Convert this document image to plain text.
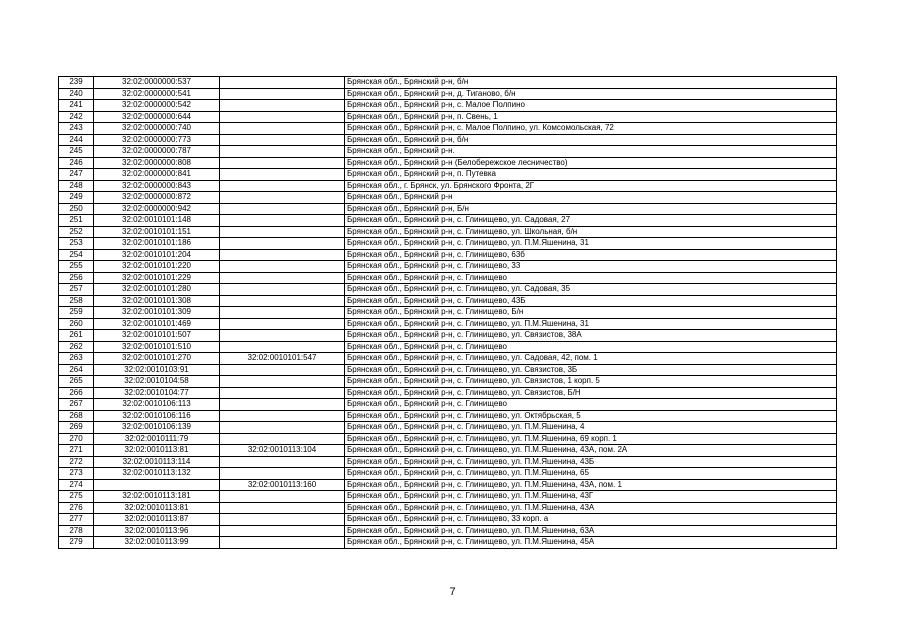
239	32:02:0000000:537		Брянская обл., Брянский р-н, б/н
240	32:02:0000000:541		Брянская обл., Брянский р-н, д. Тиганово, б/н
241	32:02:0000000:542		Брянская обл., Брянский р-н, с. Малое Полпино
242	32:02:0000000:644		Брянская обл., Брянский р-н, п. Свень, 1
243	32:02:0000000:740		Брянская обл., Брянский р-н, с. Малое Полпино, ул. Комсомольская, 72
244	32:02:0000000:773		Брянская обл., Брянский р-н, б/н
245	32:02:0000000:787		Брянская обл., Брянский р-н.
246	32:02:0000000:808		Брянская обл., Брянский р-н (Белобережское лесничество)
247	32:02:0000000:841		Брянская обл., Брянский р-н, п. Путевка
248	32:02:0000000:843		Брянская обл., г. Брянск, ул. Брянского Фронта, 2Г
249	32:02:0000000:872		Брянская обл., Брянский р-н
250	32:02:0000000:942		Брянская обл., Брянский р-н, Б/н
251	32:02:0010101:148		Брянская обл., Брянский р-н, с. Глинищево, ул. Садовая, 27
252	32:02:0010101:151		Брянская обл., Брянский р-н, с. Глинищево, ул. Школьная, б/н
253	32:02:0010101:186		Брянская обл., Брянский р-н, с. Глинищево, ул. П.М.Яшенина, 31
254	32:02:0010101:204		Брянская обл., Брянский р-н, с. Глинищево, 63б
255	32:02:0010101:220		Брянская обл., Брянский р-н, с. Глинищево, 33
256	32:02:0010101:229		Брянская обл., Брянский р-н, с. Глинищево
257	32:02:0010101:280		Брянская обл., Брянский р-н, с. Глинищево, ул. Садовая, 35
258	32:02:0010101:308		Брянская обл., Брянский р-н, с. Глинищево, 43Б
259	32:02:0010101:309		Брянская обл., Брянский р-н, с. Глинищево, Б/н
260	32:02:0010101:469		Брянская обл., Брянский р-н, с. Глинищево, ул. П.М.Яшенина, 31
261	32:02:0010101:507		Брянская обл., Брянский р-н, с. Глинищево, ул. Связистов, 38А
262	32:02:0010101:510		Брянская обл., Брянский р-н, с. Глинищево
263	32:02:0010101:270	32:02:0010101:547	Брянская обл., Брянский р-н, с. Глинищево, ул. Садовая, 42, пом. 1
264	32:02:0010103:91		Брянская обл., Брянский р-н, с. Глинищево, ул. Связистов, 3Б
265	32:02:0010104:58		Брянская обл., Брянский р-н, с. Глинищево, ул. Связистов, 1 корп. 5
266	32:02:0010104:77		Брянская обл., Брянский р-н, с. Глинищево, ул. Связистов, Б/Н
267	32:02:0010106:113		Брянская обл., Брянский р-н, с. Глинищево
268	32:02:0010106:116		Брянская обл., Брянский р-н, с. Глинищево, ул. Октябрьская, 5
269	32:02:0010106:139		Брянская обл., Брянский р-н, с. Глинищево, ул. П.М.Яшенина, 4
270	32:02:0010111:79		Брянская обл., Брянский р-н, с. Глинищево, ул. П.М.Яшенина, 69 корп. 1
271	32:02:0010113:81	32:02:0010113:104	Брянская обл., Брянский р-н, с. Глинищево, ул. П.М.Яшенина, 43А, пом. 2А
272	32:02:0010113:114		Брянская обл., Брянский р-н, с. Глинищево, ул. П.М.Яшенина, 43Б
273	32:02:0010113:132		Брянская обл., Брянский р-н, с. Глинищево, ул. П.М.Яшенина, 65
274		32:02:0010113:160	Брянская обл., Брянский р-н, с. Глинищево, ул. П.М.Яшенина, 43А, пом. 1
275	32:02:0010113:181		Брянская обл., Брянский р-н, с. Глинищево, ул. П.М.Яшенина, 43Г
276	32:02:0010113:81		Брянская обл., Брянский р-н, с. Глинищево, ул. П.М.Яшенина, 43А
277	32:02:0010113:87		Брянская обл., Брянский р-н, с. Глинищево, 33 корп. а
278	32:02:0010113:96		Брянская обл., Брянский р-н, с. Глинищево, ул. П.М.Яшенина, 63А
279	32:02:0010113:99		Брянская обл., Брянский р-н, с. Глинищево, ул. П.М.Яшенина, 45А
7
